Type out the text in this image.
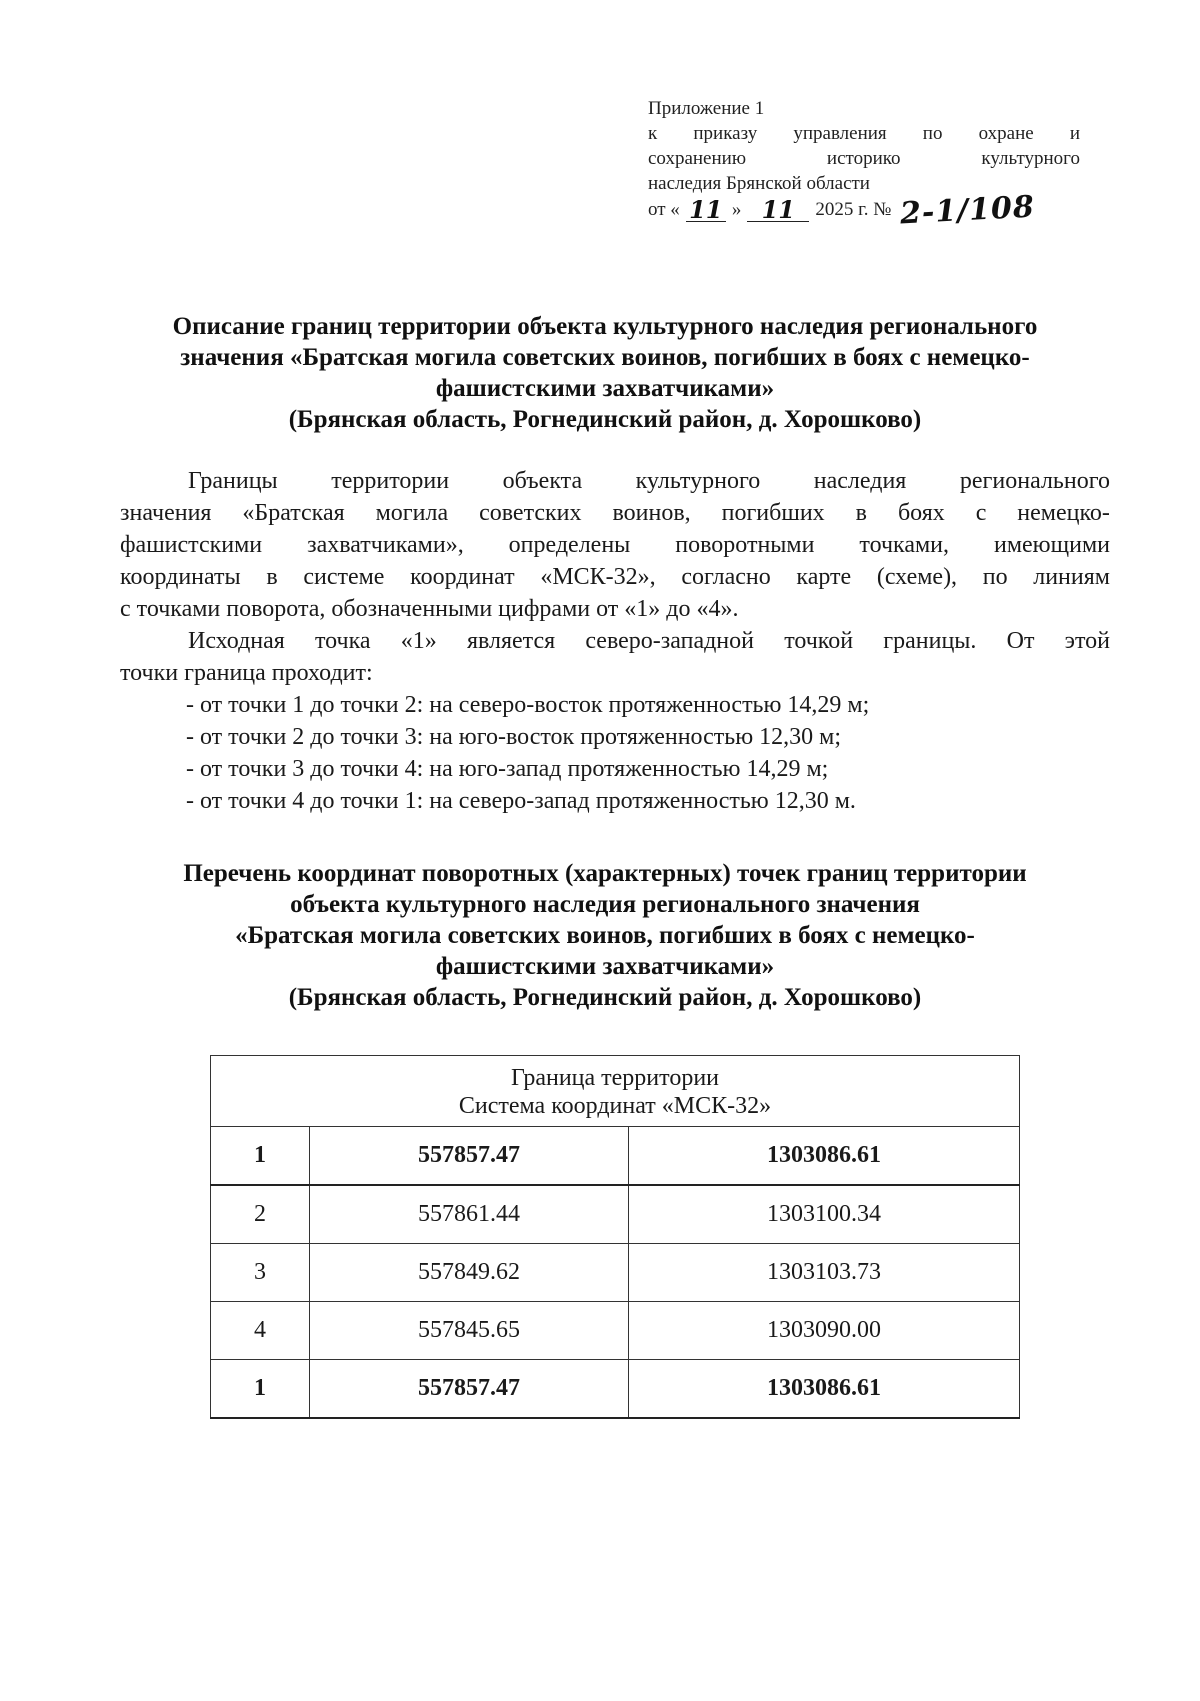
Приложение 1
к приказу управления по охране и
сохранению	историко	культурного
наследия Брянской области
от « 11 » 11	2025 г. № 2-1/108
Описание границ территории объекта культурного наследия регионального
значения «Братская могила советских воинов, погибших в боях с немецко-
фашистскими захватчиками»
(Брянская область, Рогнединский район, д. Хорошково)
Границы территории объекта культурного наследия регионального
значения «Братская могила советских воинов, погибших в боях с немецко-
фашистскими захватчиками», определены поворотными точками, имеющими
координаты в системе координат «МСК-32», согласно карте (схеме), по линиям
с точками поворота, обозначенными цифрами от «1» до «4».
Исходная точка «1» является северо-западной точкой границы. От этой
точки граница проходит:
- от точки 1 до точки 2: на северо-восток протяженностью 14,29 м;
- от точки 2 до точки 3: на юго-восток протяженностью 12,30 м;
- от точки 3 до точки 4: на юго-запад протяженностью 14,29 м;
- от точки 4 до точки 1: на северо-запад протяженностью 12,30 м.
Перечень координат поворотных (характерных) точек границ территории
объекта культурного наследия регионального значения
«Братская могила советских воинов, погибших в боях с немецко-
фашистскими захватчиками»
(Брянская область, Рогнединский район, д. Хорошково)
Граница территории
Система координат «МСК-32»		

1	557857.47	1303086.61
2	557861.44	1303100.34
3	557849.62	1303103.73
4	557845.65	1303090.00
1	557857.47	1303086.61
